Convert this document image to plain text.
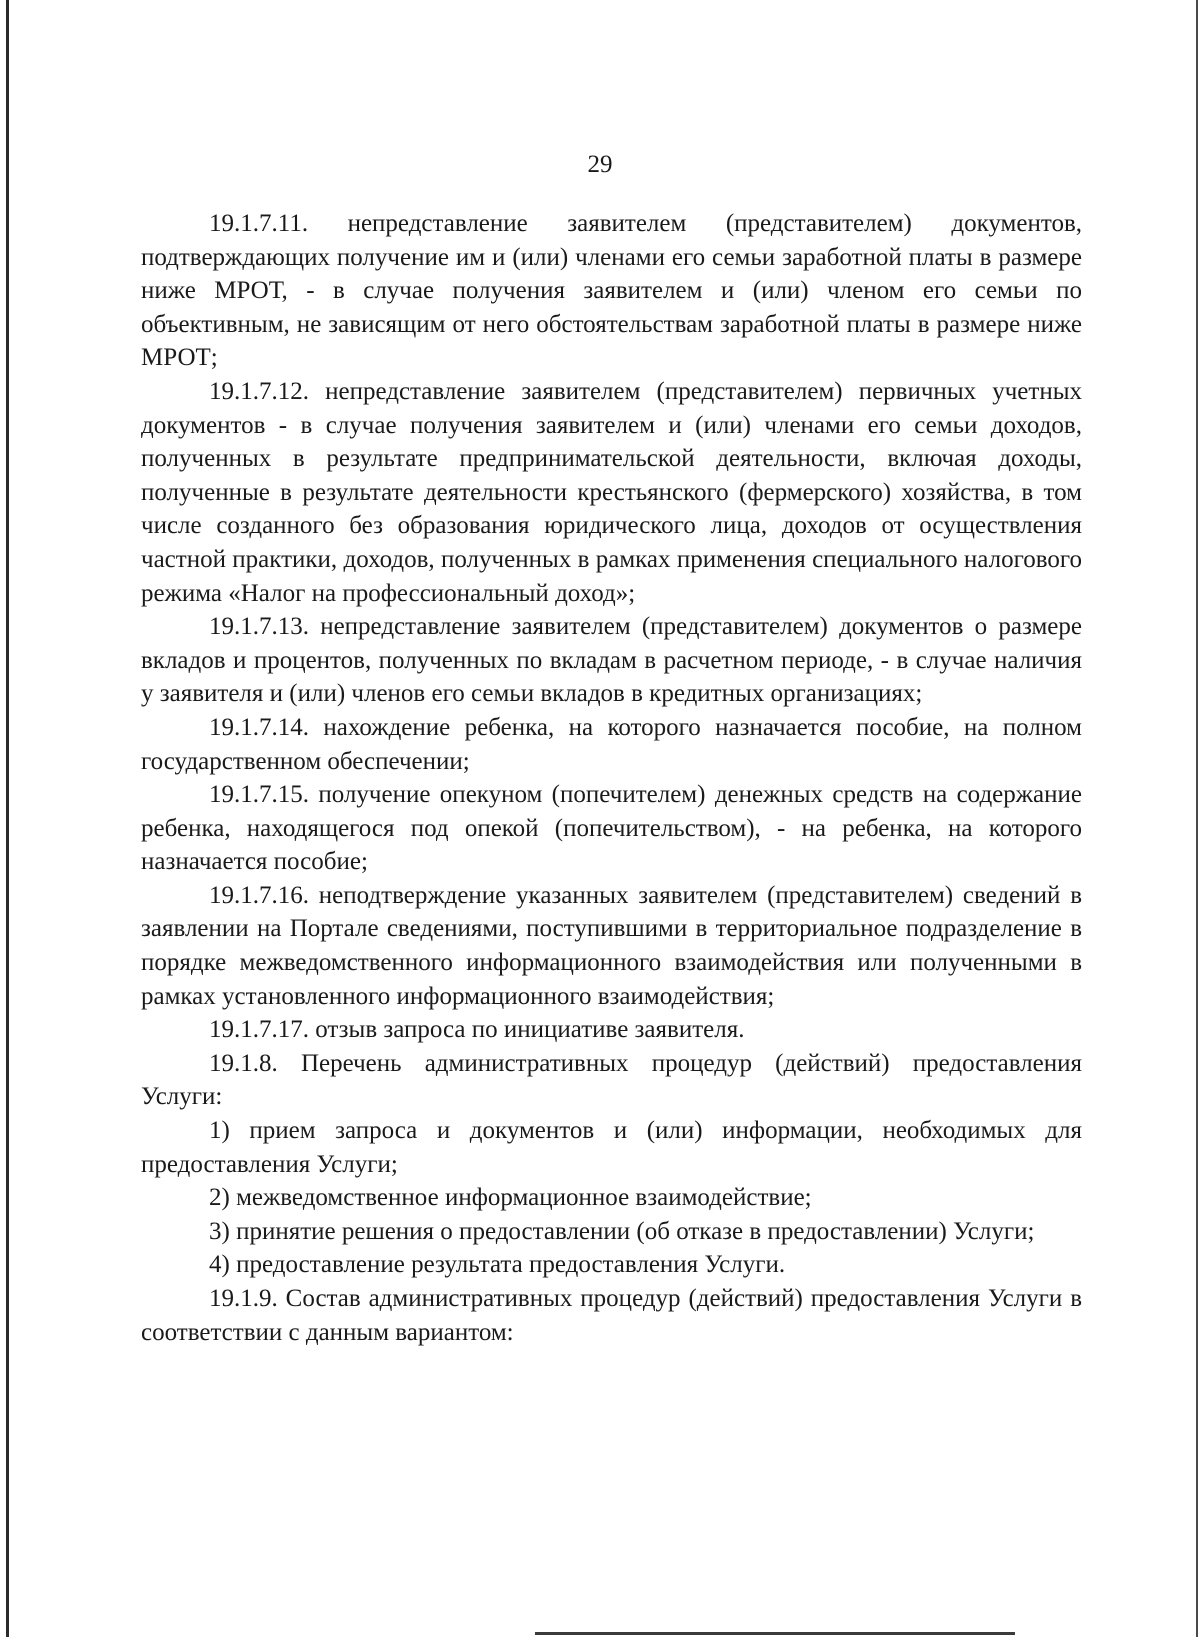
29

19.1.7.11. непредставление заявителем (представителем) документов, подтверждающих получение им и (или) членами его семьи заработной платы в размере ниже МРОТ, - в случае получения заявителем и (или) членом его семьи по объективным, не зависящим от него обстоятельствам заработной платы в размере ниже МРОТ;

19.1.7.12. непредставление заявителем (представителем) первичных учетных документов - в случае получения заявителем и (или) членами его семьи доходов, полученных в результате предпринимательской деятельности, включая доходы, полученные в результате деятельности крестьянского (фермерского) хозяйства, в том числе созданного без образования юридического лица, доходов от осуществления частной практики, доходов, полученных в рамках применения специального налогового режима «Налог на профессиональный доход»;

19.1.7.13. непредставление заявителем (представителем) документов о размере вкладов и процентов, полученных по вкладам в расчетном периоде, - в случае наличия у заявителя и (или) членов его семьи вкладов в кредитных организациях;

19.1.7.14. нахождение ребенка, на которого назначается пособие, на полном государственном обеспечении;

19.1.7.15. получение опекуном (попечителем) денежных средств на содержание ребенка, находящегося под опекой (попечительством), - на ребенка, на которого назначается пособие;

19.1.7.16. неподтверждение указанных заявителем (представителем) сведений в заявлении на Портале сведениями, поступившими в территориальное подразделение в порядке межведомственного информационного взаимодействия или полученными в рамках установленного информационного взаимодействия;

19.1.7.17. отзыв запроса по инициативе заявителя.

19.1.8. Перечень административных процедур (действий) предоставления Услуги:

1) прием запроса и документов и (или) информации, необходимых для предоставления Услуги;

2) межведомственное информационное взаимодействие;

3) принятие решения о предоставлении (об отказе в предоставлении) Услуги;

4) предоставление результата предоставления Услуги.

19.1.9. Состав административных процедур (действий) предоставления Услуги в соответствии с данным вариантом:
